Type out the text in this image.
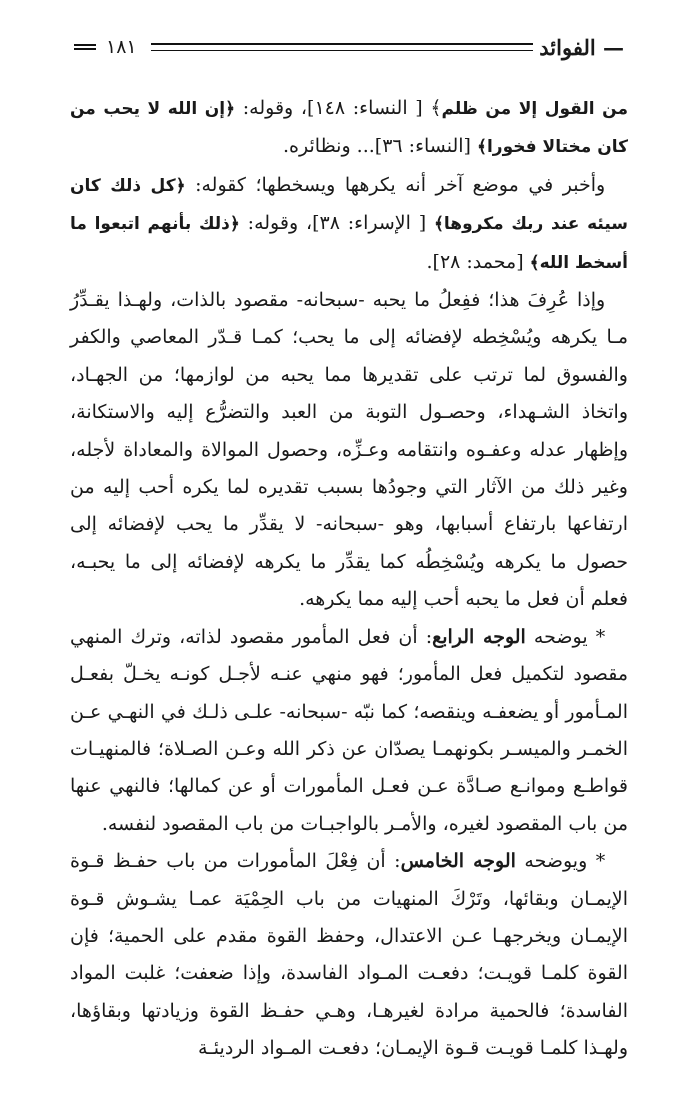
١٨١	— الفوائد

من القول إلا من ظلم﴾ [ النساء: ١٤٨]، وقوله: ﴿إن الله لا يحب من كان مختالا فخورا﴾ [النساء: ٣٦]... ونظائره.

وأخبر في موضع آخر أنه يكرهها ويسخطها؛ كقوله: ﴿كل ذلك كان سيئه عند ربك مكروها﴾ [ الإسراء: ٣٨]، وقوله: ﴿ذلك بأنهم اتبعوا ما أسخط الله﴾ [محمد: ٢٨].

وإذا عُرِفَ هذا؛ ففِعلُ ما يحبه -سبحانه- مقصود بالذات، ولهـذا يقـدِّرُ مـا يكرهه ويُسْخِطه لإفضائه إلى ما يحب؛ كمـا قـدّر المعاصي والكفر والفسوق لما ترتب على تقديرها مما يحبه من لوازمها؛ من الجهـاد، واتخاذ الشـهداء، وحصـول التوبة من العبد والتضرُّع إليه والاستكانة، وإظهار عدله وعفـوه وانتقامه وعـزِّه، وحصول الموالاة والمعاداة لأجله، وغير ذلك من الآثار التي وجودُها بسبب تقديره لما يكره أحب إليه من ارتفاعها بارتفاع أسبابها، وهو -سبحانه- لا يقدِّر ما يحب لإفضائه إلى حصول ما يكرهه ويُسْخِطُه كما يقدِّر ما يكرهه لإفضائه إلى ما يحبـه، فعلم أن فعل ما يحبه أحب إليه مما يكرهه.

* يوضحه الوجه الرابع: أن فعل المأمور مقصود لذاته، وترك المنهي مقصود لتكميل فعل المأمور؛ فهو منهي عنـه لأجـل كونـه يخـلّ بفعـل المـأمور أو يضعفـه وينقصه؛ كما نبّه -سبحانه- علـى ذلـك في النهـي عـن الخمـر والميسـر بكونهمـا يصدّان عن ذكر الله وعـن الصـلاة؛ فالمنهيـات قواطـع وموانـع صـادَّة عـن فعـل المأمورات أو عن كمالها؛ فالنهي عنها من باب المقصود لغيره، والأمـر بالواجبـات من باب المقصود لنفسه.

* ويوضحه الوجه الخامس: أن فِعْلَ المأمورات من باب حفـظ قـوة الإيمـان وبقائها، وتَرْكَ المنهيات من باب الحِمْيَة عمـا يشـوش قـوة الإيمـان ويخرجهـا عـن الاعتدال، وحفظ القوة مقدم على الحمية؛ فإن القوة كلمـا قويـت؛ دفعـت المـواد الفاسدة، وإذا ضعفت؛ غلبت المواد الفاسدة؛ فالحمية مرادة لغيرهـا، وهـي حفـظ القوة وزيادتها وبقاؤها، ولهـذا كلمـا قويـت قـوة الإيمـان؛ دفعـت المـواد الرديئـة
